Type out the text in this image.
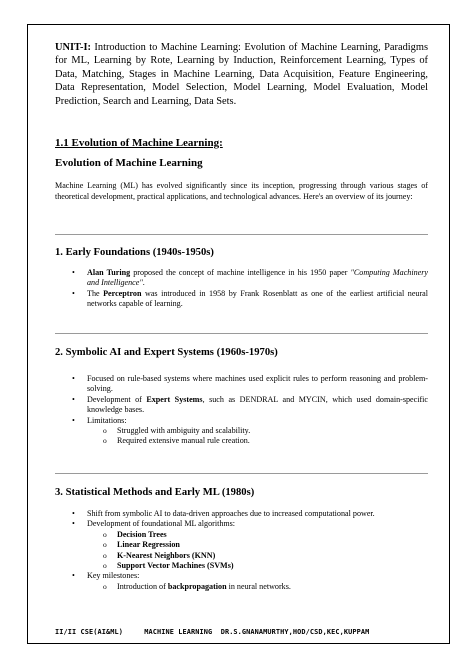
UNIT-I: Introduction to Machine Learning: Evolution of Machine Learning, Paradigms for ML, Learning by Rote, Learning by Induction, Reinforcement Learning, Types of Data, Matching, Stages in Machine Learning, Data Acquisition, Feature Engineering, Data Representation, Model Selection, Model Learning, Model Evaluation, Model Prediction, Search and Learning, Data Sets.
1.1 Evolution of Machine Learning:
Evolution of Machine Learning
Machine Learning (ML) has evolved significantly since its inception, progressing through various stages of theoretical development, practical applications, and technological advances. Here's an overview of its journey:
1. Early Foundations (1940s-1950s)
• Alan Turing proposed the concept of machine intelligence in his 1950 paper "Computing Machinery and Intelligence".
• The Perceptron was introduced in 1958 by Frank Rosenblatt as one of the earliest artificial neural networks capable of learning.
2. Symbolic AI and Expert Systems (1960s-1970s)
• Focused on rule-based systems where machines used explicit rules to perform reasoning and problem-solving.
• Development of Expert Systems, such as DENDRAL and MYCIN, which used domain-specific knowledge bases.
• Limitations:
o Struggled with ambiguity and scalability.
o Required extensive manual rule creation.
3. Statistical Methods and Early ML (1980s)
• Shift from symbolic AI to data-driven approaches due to increased computational power.
• Development of foundational ML algorithms:
o Decision Trees
o Linear Regression
o K-Nearest Neighbors (KNN)
o Support Vector Machines (SVMs)
• Key milestones:
o Introduction of backpropagation in neural networks.
II/II CSE(AI&ML)     MACHINE LEARNING  DR.S.GNANAMURTHY,HOD/CSD,KEC,KUPPAM
